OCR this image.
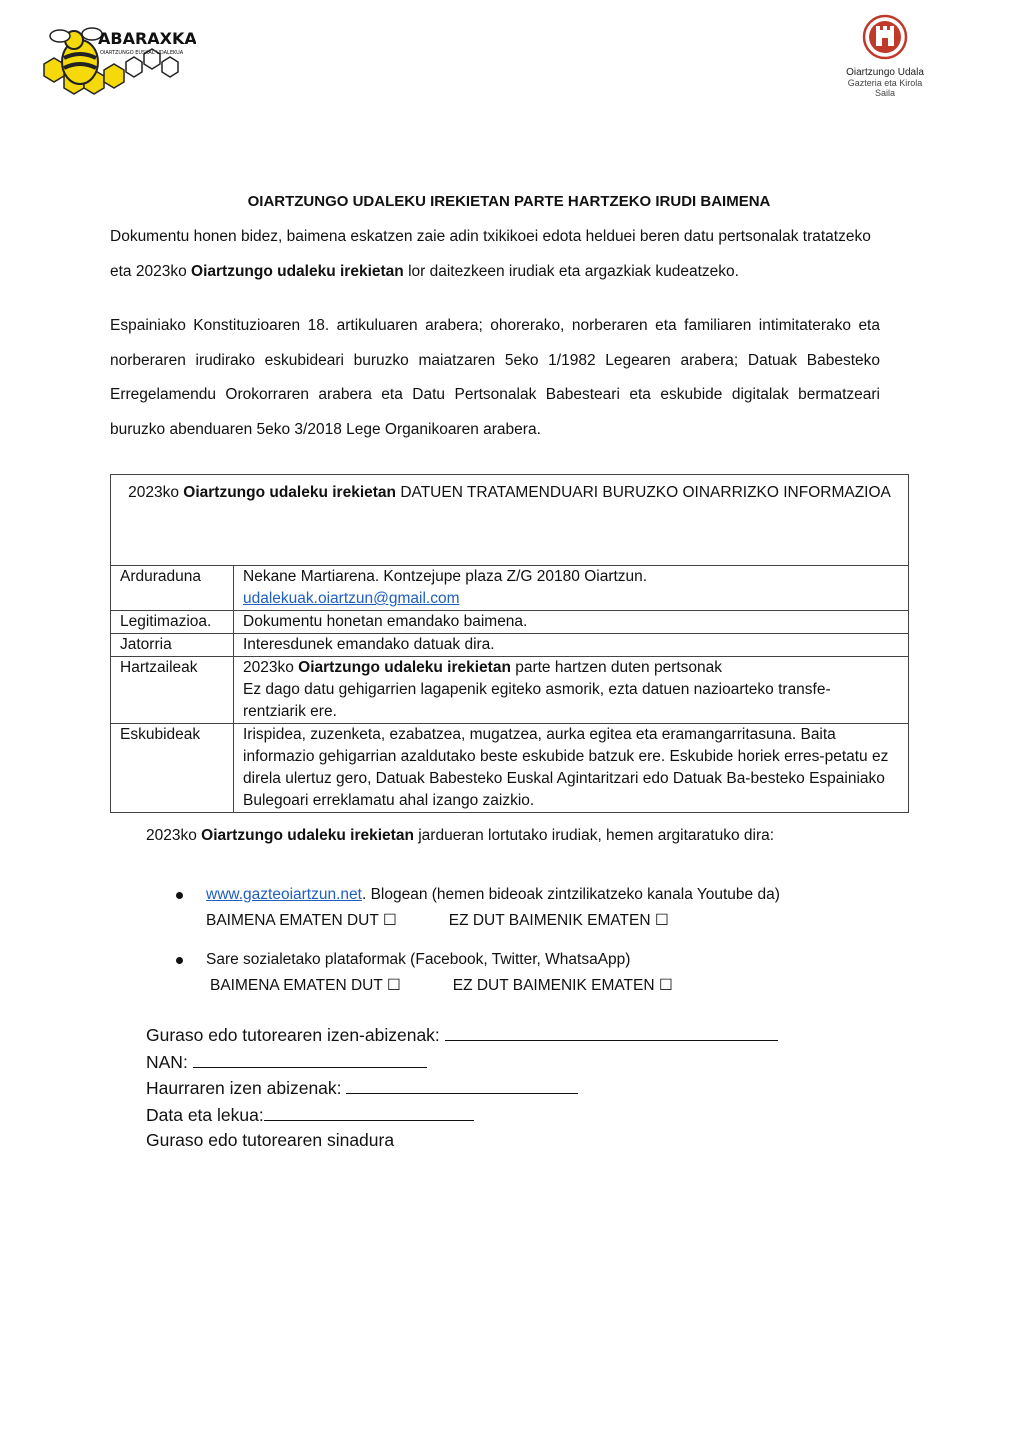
ABARAXKA
OIARTZUNGO EUSKAL UDALEKUA
Oiartzungo Udala
Gazteria eta Kirola Saila
OIARTZUNGO UDALEKU IREKIETAN PARTE HARTZEKO IRUDI BAIMENA
Dokumentu honen bidez, baimena eskatzen zaie adin txikikoei edota helduei beren datu pertsonalak tratatzeko eta 2023ko Oiartzungo udaleku irekietan lor daitezkeen irudiak eta argazkiak kudeatzeko.
Espainiako Konstituzioaren 18. artikuluaren arabera; ohorerako, norberaren eta familiaren intimitaterako eta norberaren irudirako eskubideari buruzko maiatzaren 5eko 1/1982 Legearen arabera; Datuak Babesteko Erregelamendu Orokorraren arabera eta Datu Pertsonalak Babesteari eta eskubide digitalak bermatzeari buruzko abenduaren 5eko 3/2018 Lege Organikoaren arabera.
2023ko Oiartzungo udaleku irekietan DATUEN TRATAMENDUARI BURUZKO OINARRIZKO INFORMAZIOA	
Arduraduna	Nekane Martiarena. Kontzejupe plaza Z/G 20180 Oiartzun.
udalekuak.oiartzun@gmail.com
Legitimazioa.	Dokumentu honetan emandako baimena.
Jatorria	Interesdunek emandako datuak dira.
Hartzaileak	2023ko Oiartzungo udaleku irekietan parte hartzen duten pertsonak
Ez dago datu gehigarrien lagapenik egiteko asmorik, ezta datuen nazioarteko transfe-
rentziarik ere.
Eskubideak	Irispidea, zuzenketa, ezabatzea, mugatzea, aurka egitea eta eramangarritasuna. Baita informazio gehigarrian azaldutako beste eskubide batzuk ere. Eskubide horiek erres-petatu ez direla ulertuz gero, Datuak Babesteko Euskal Agintaritzari edo Datuak Ba-besteko Espainiako Bulegoari erreklamatu ahal izango zaizkio.
2023ko Oiartzungo udaleku irekietan jardueran lortutako irudiak, hemen argitaratuko dira:
www.gazteoiartzun.net. Blogean (hemen bideoak zintzilikatzeko kanala Youtube da)

BAIMENA EMATEN DUT ☐	EZ DUT BAIMENIK EMATEN ☐
Sare sozialetako plataformak (Facebook, Twitter, WhatsaApp)

BAIMENA EMATEN DUT ☐	EZ DUT BAIMENIK EMATEN ☐
Guraso edo tutorearen izen-abizenak:
NAN:
Haurraren izen abizenak:
Data eta lekua:
Guraso edo tutorearen sinadura
